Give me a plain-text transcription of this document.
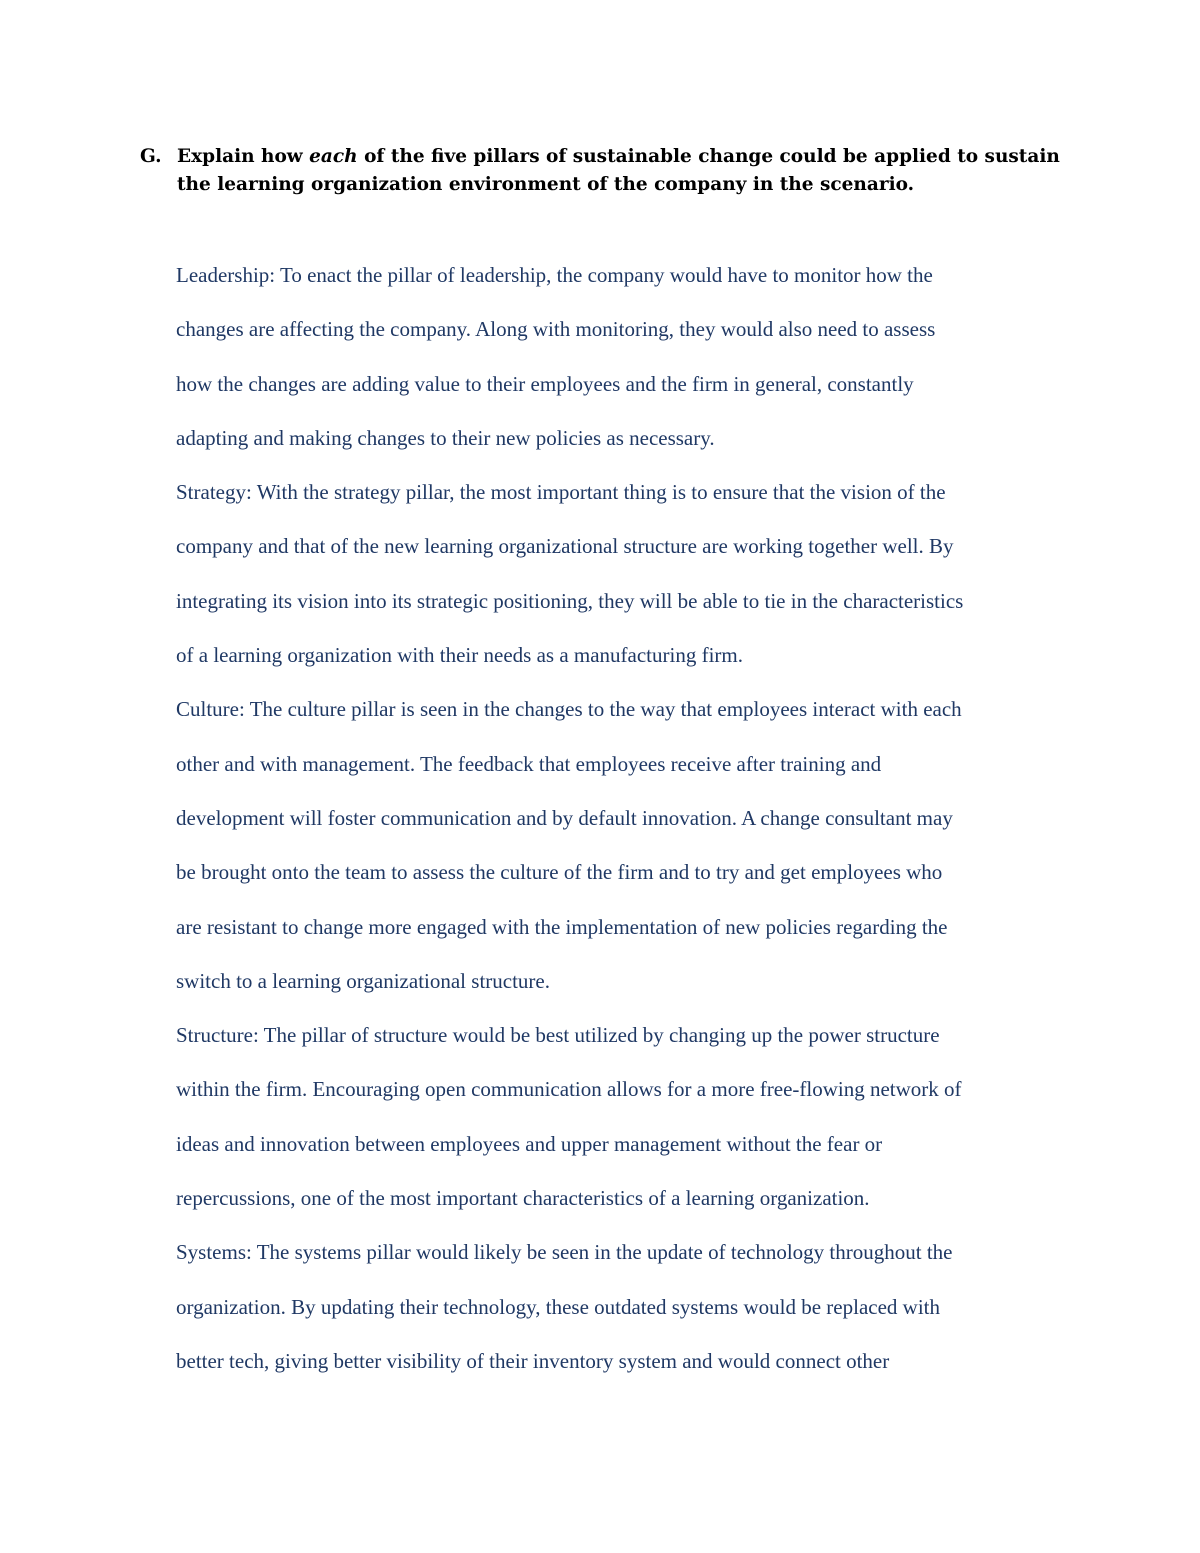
G. Explain how each of the five pillars of sustainable change could be applied to sustain
the learning organization environment of the company in the scenario.

Leadership: To enact the pillar of leadership, the company would have to monitor how the

changes are affecting the company. Along with monitoring, they would also need to assess

how the changes are adding value to their employees and the firm in general, constantly

adapting and making changes to their new policies as necessary.

Strategy: With the strategy pillar, the most important thing is to ensure that the vision of the

company and that of the new learning organizational structure are working together well. By

integrating its vision into its strategic positioning, they will be able to tie in the characteristics

of a learning organization with their needs as a manufacturing firm.

Culture: The culture pillar is seen in the changes to the way that employees interact with each

other and with management. The feedback that employees receive after training and

development will foster communication and by default innovation. A change consultant may

be brought onto the team to assess the culture of the firm and to try and get employees who

are resistant to change more engaged with the implementation of new policies regarding the

switch to a learning organizational structure.

Structure: The pillar of structure would be best utilized by changing up the power structure

within the firm. Encouraging open communication allows for a more free-flowing network of

ideas and innovation between employees and upper management without the fear or

repercussions, one of the most important characteristics of a learning organization.

Systems: The systems pillar would likely be seen in the update of technology throughout the

organization. By updating their technology, these outdated systems would be replaced with

better tech, giving better visibility of their inventory system and would connect other
